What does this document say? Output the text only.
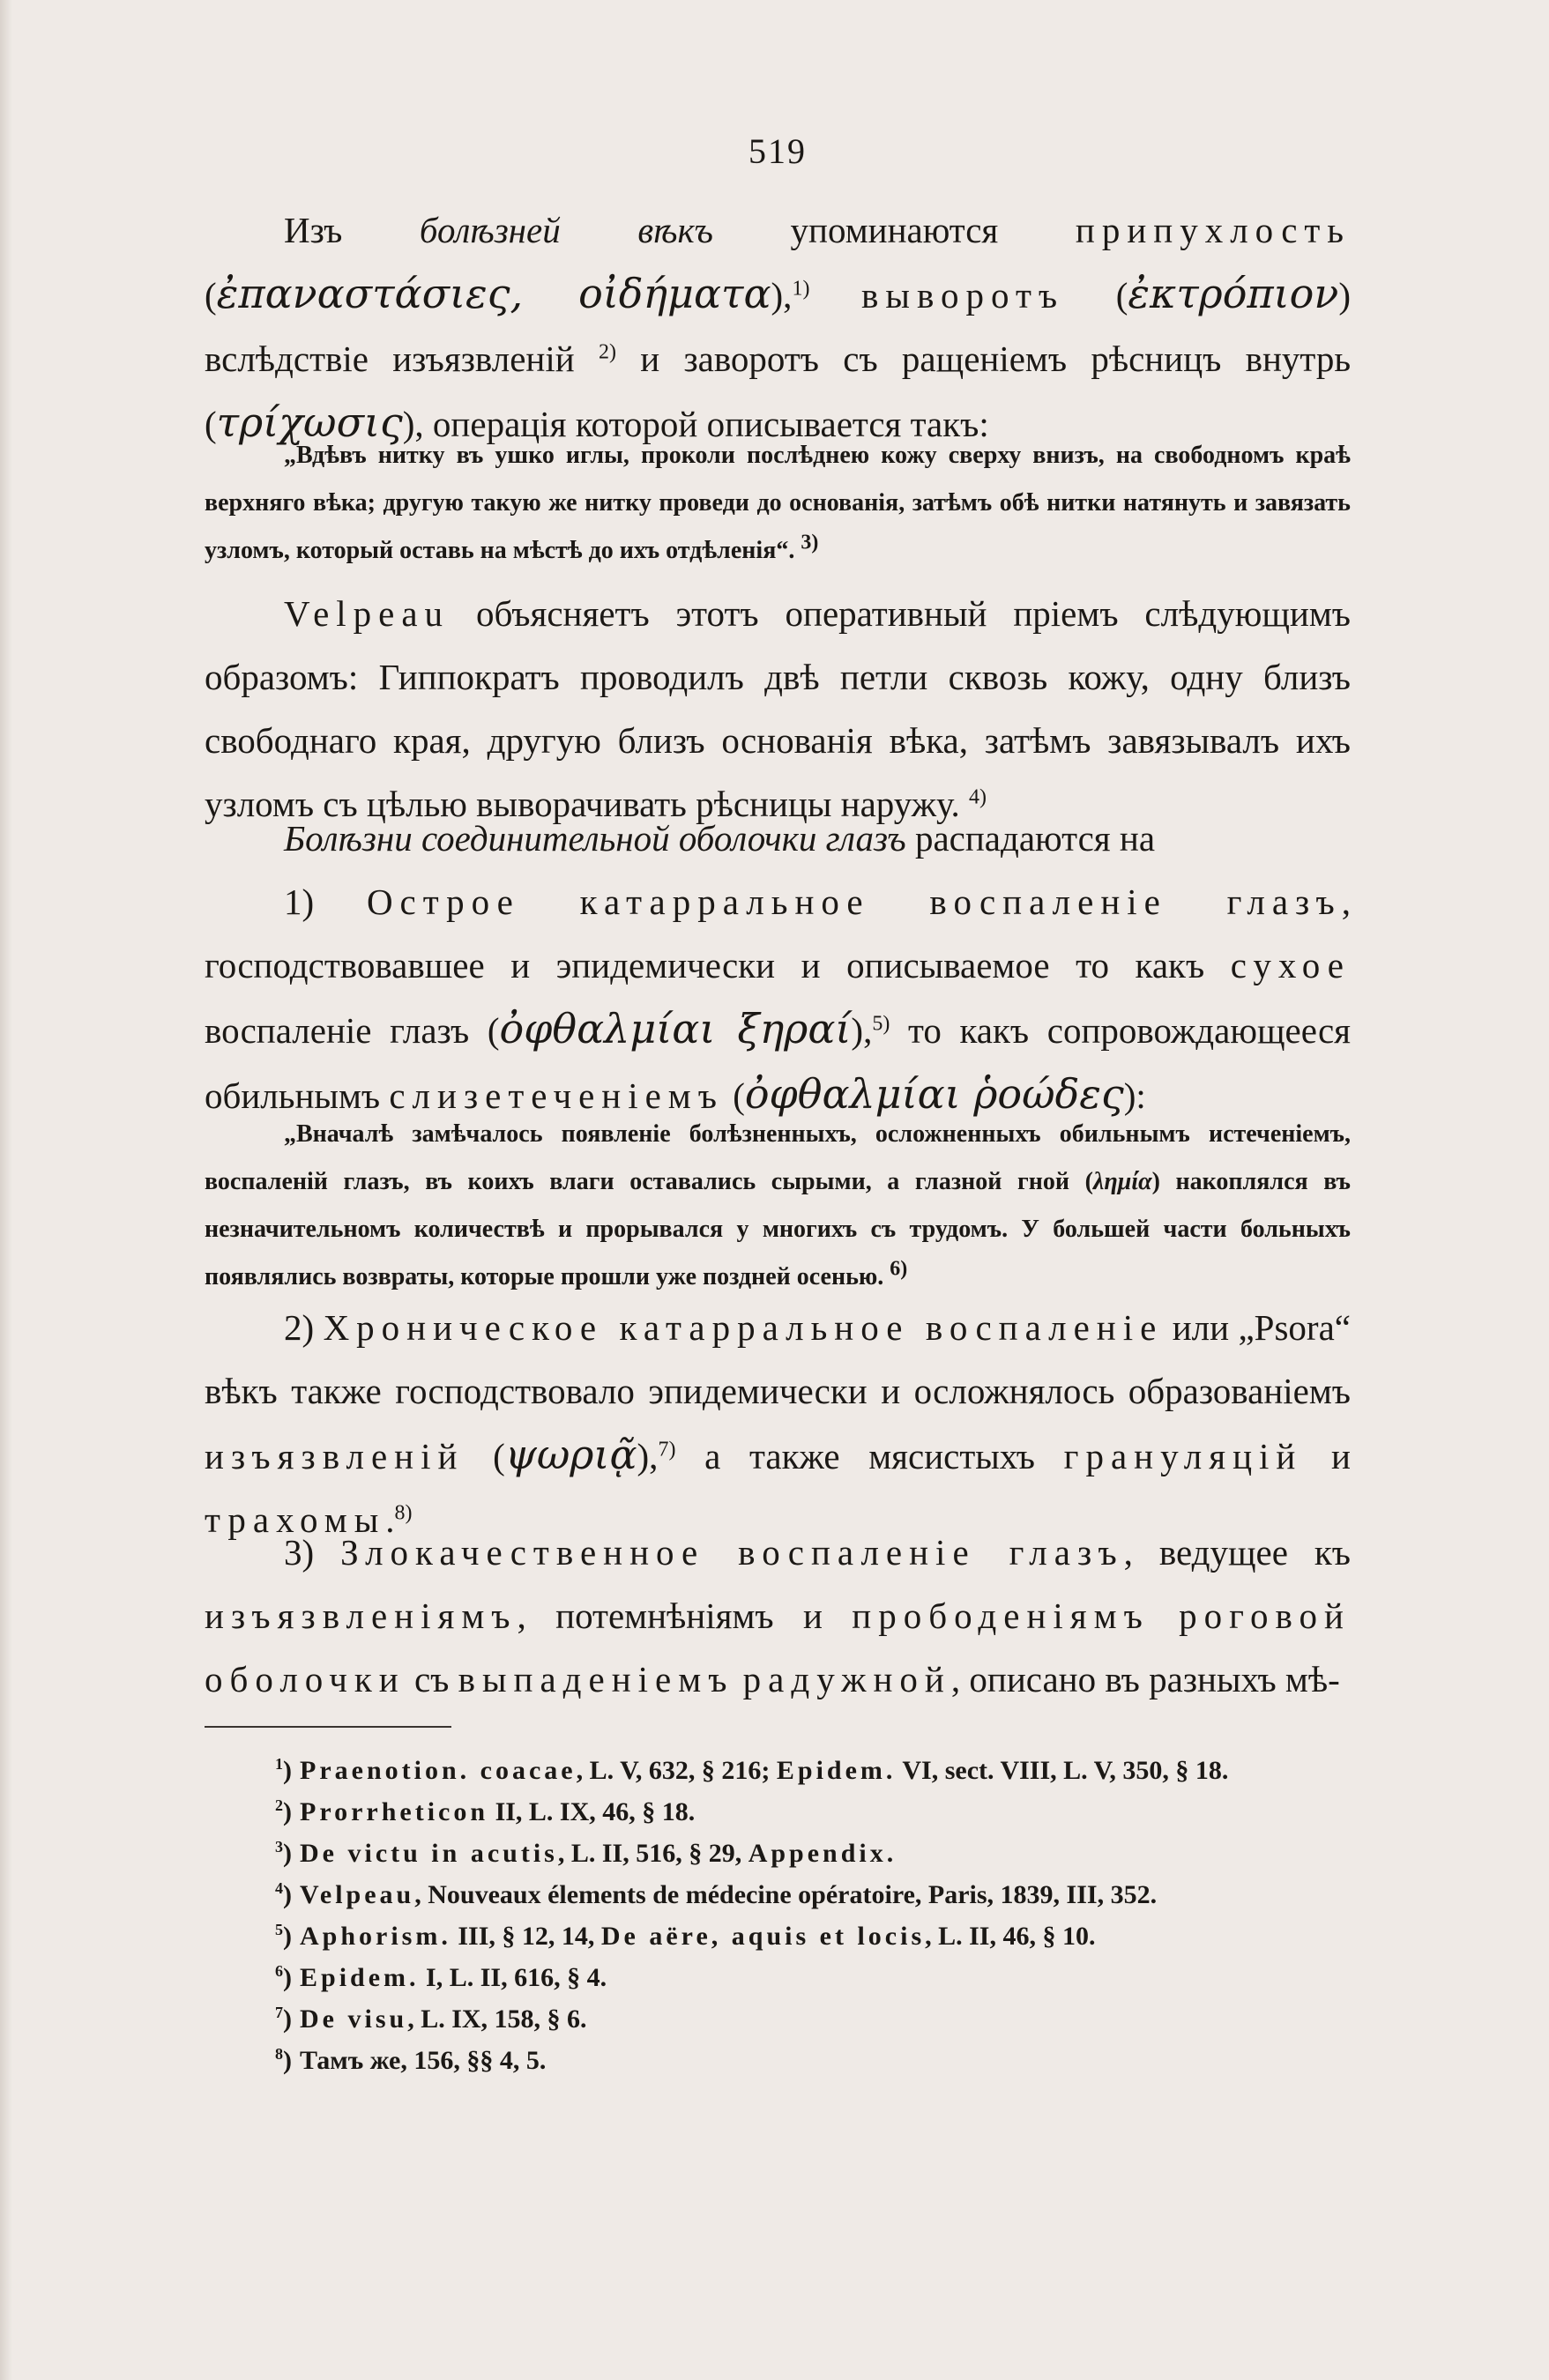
519

Изъ болѣзней вѣкъ упоминаются припухлость (ἐπαναστάσιες, οἰδήματα),$^{1)}$ выворотъ (ἐκτρόπιον) вслѣдствіе изъязвленій $^{2)}$ и заворотъ съ ращеніемъ рѣсницъ внутрь (τρίχωσις), операція которой описывается такъ:

„Вдѣвъ нитку въ ушко иглы, проколи послѣднею кожу сверху внизъ, на свободномъ краѣ верхняго вѣка; другую такую же нитку проведи до основанія, затѣмъ обѣ нитки натянуть и завязать узломъ, который оставь на мѣстѣ до ихъ отдѣленія“. $^{3)}$

Velpeau объясняетъ этотъ оперативный пріемъ слѣдующимъ образомъ: Гиппократъ проводилъ двѣ петли сквозь кожу, одну близъ свободнаго края, другую близъ основанія вѣка, затѣмъ завязывалъ ихъ узломъ съ цѣлью выворачивать рѣсницы наружу. $^{4)}$

Болѣзни соединительной оболочки глазъ распадаются на

1) Острое катарральное воспаленіе глазъ, господствовавшее и эпидемически и описываемое то какъ сухое воспаленіе глазъ (ὀφθαλμίαι ξηραί),$^{5)}$ то какъ сопровождающееся обильнымъ слизетеченіемъ (ὀφθαλμίαι ῥοώδες):

„Вначалѣ замѣчалось появленіе болѣзненныхъ, осложненныхъ обильнымъ истеченіемъ, воспаленій глазъ, въ коихъ влаги оставались сырыми, а глазной гной (λημία) накоплялся въ незначительномъ количествѣ и прорывался у многихъ съ трудомъ. У большей части больныхъ появлялись возвраты, которые прошли уже поздней осенью. $^{6)}$

2) Хроническое катарральное воспаленіе или „Psora“ вѣкъ также господствовало эпидемически и осложнялось образованіемъ изъязвленій (ψωριᾷ),$^{7)}$ а также мясистыхъ грануляцій и трахомы.$^{8)}$

3) Злокачественное воспаленіе глазъ, ведущее къ изъязвленіямъ, потемнѣніямъ и прободеніямъ роговой оболочки съ выпаденіемъ радужной, описано въ разныхъ мѣ-

$^1$) Praenotion. coacae, L. V, 632, § 216; Epidem. VI, sect. VIII, L. V, 350, § 18.
$^2$) Prorrheticon II, L. IX, 46, § 18.
$^3$) De victu in acutis, L. II, 516, § 29, Appendix.
$^4$) Velpeau, Nouveaux élements de médecine opératoire, Paris, 1839, III, 352.
$^5$) Aphorism. III, § 12, 14, De aëre, aquis et locis, L. II, 46, § 10.
$^6$) Epidem. I, L. II, 616, § 4.
$^7$) De visu, L. IX, 158, § 6.
$^8$) Тамъ же, 156, §§ 4, 5.
